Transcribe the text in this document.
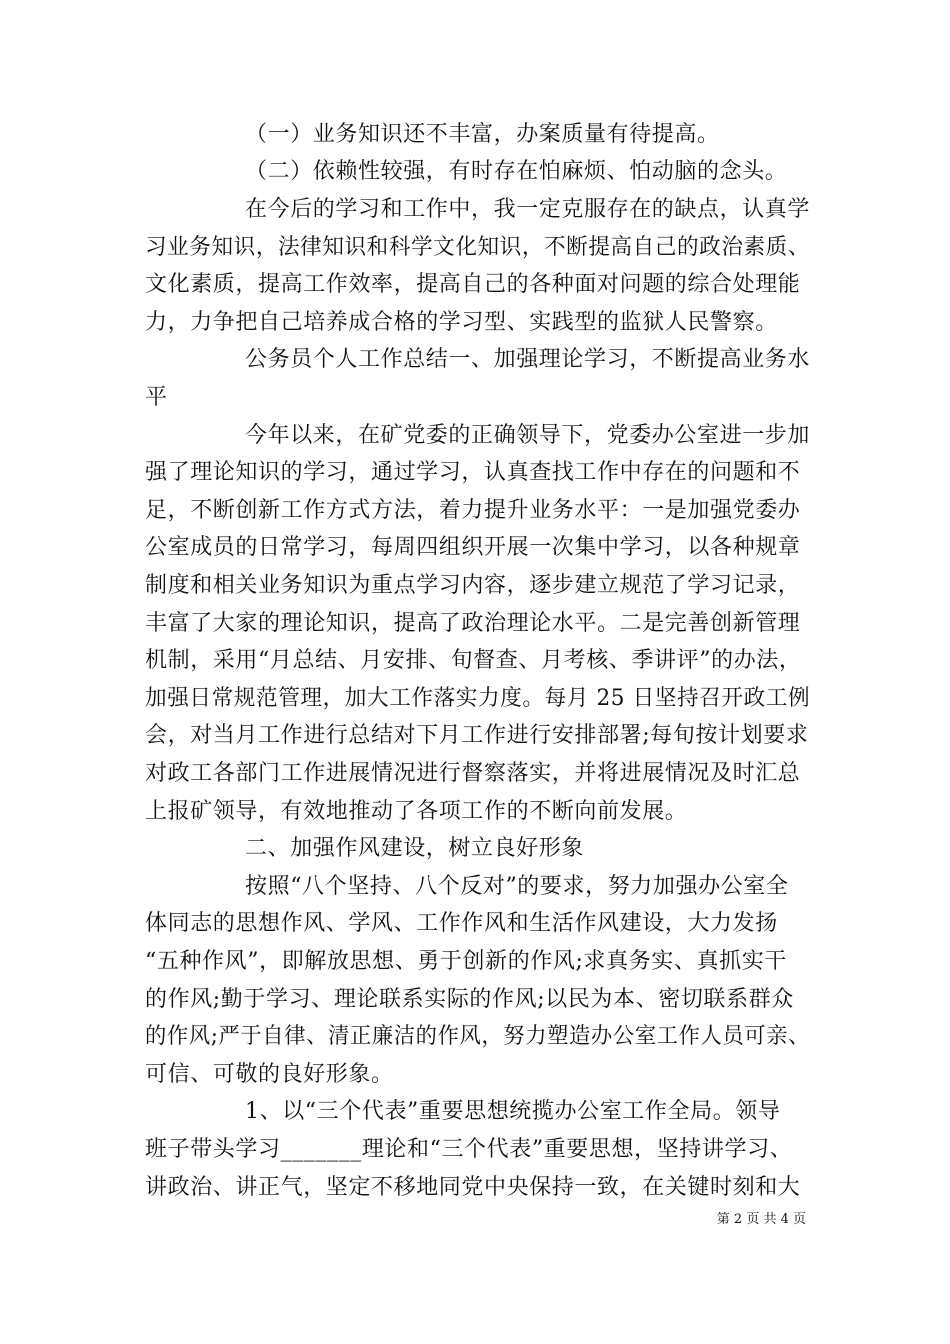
（一）业务知识还不丰富，办案质量有待提高。
（二）依赖性较强，有时存在怕麻烦、怕动脑的念头。
在今后的学习和工作中，我一定克服存在的缺点，认真学
习业务知识，法律知识和科学文化知识，不断提高自己的政治素质、
文化素质，提高工作效率，提高自己的各种面对问题的综合处理能
力，力争把自己培养成合格的学习型、实践型的监狱人民警察。
公务员个人工作总结一、加强理论学习，不断提高业务水
平
今年以来，在矿党委的正确领导下，党委办公室进一步加
强了理论知识的学习，通过学习，认真查找工作中存在的问题和不
足，不断创新工作方式方法，着力提升业务水平：一是加强党委办
公室成员的日常学习，每周四组织开展一次集中学习，以各种规章
制度和相关业务知识为重点学习内容，逐步建立规范了学习记录，
丰富了大家的理论知识，提高了政治理论水平。二是完善创新管理
机制，采用“月总结、月安排、旬督查、月考核、季讲评”的办法，
加强日常规范管理，加大工作落实力度。每月 25 日坚持召开政工例
会，对当月工作进行总结对下月工作进行安排部署;每旬按计划要求
对政工各部门工作进展情况进行督察落实，并将进展情况及时汇总
上报矿领导，有效地推动了各项工作的不断向前发展。
二、加强作风建设，树立良好形象
按照“八个坚持、八个反对”的要求，努力加强办公室全
体同志的思想作风、学风、工作作风和生活作风建设，大力发扬
“五种作风”，即解放思想、勇于创新的作风;求真务实、真抓实干
的作风;勤于学习、理论联系实际的作风;以民为本、密切联系群众
的作风;严于自律、清正廉洁的作风，努力塑造办公室工作人员可亲、
可信、可敬的良好形象。
1、以“三个代表”重要思想统揽办公室工作全局。领导
班子带头学习_______理论和“三个代表”重要思想，坚持讲学习、
讲政治、讲正气，坚定不移地同党中央保持一致，在关键时刻和大
第 2 页 共 4 页
